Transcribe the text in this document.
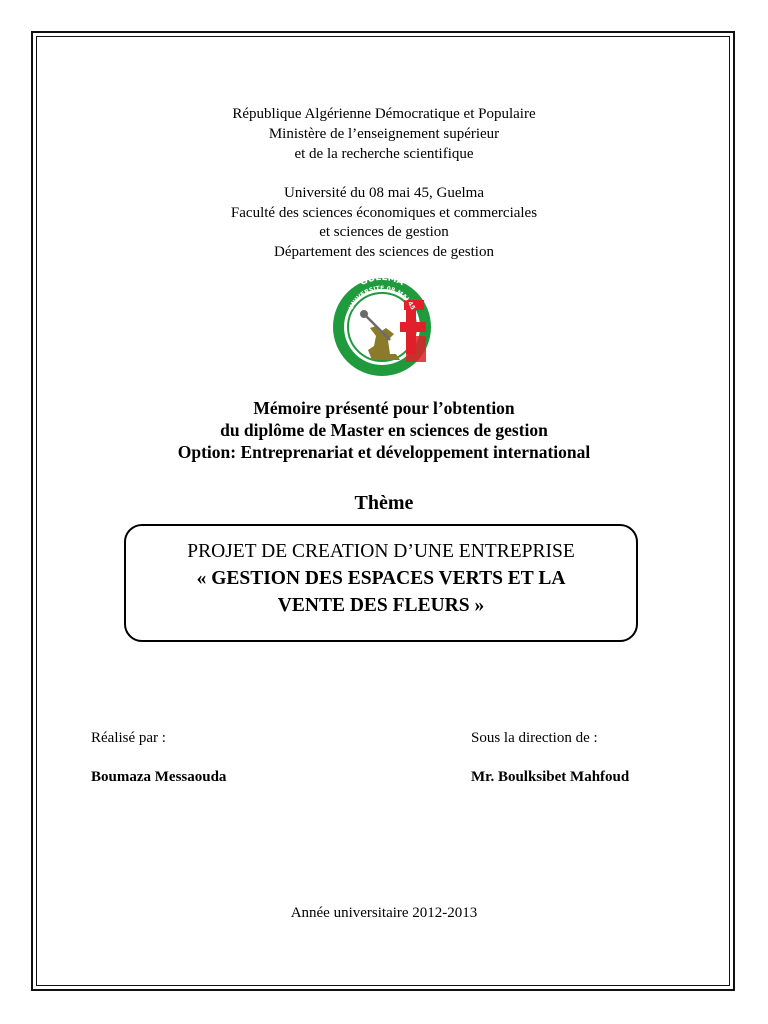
République Algérienne Démocratique et Populaire
Ministère de l’enseignement supérieur
et de la recherche scientifique
Université du 08 mai 45, Guelma
Faculté des sciences économiques et commerciales
et sciences de gestion
Département des sciences de gestion
GUELMA
UNIVERSITE 08 MAI 45
Mémoire présenté pour l’obtention
du diplôme de Master en sciences de gestion
Option: Entreprenariat et développement international
Thème
PROJET DE CREATION D’UNE ENTREPRISE
« GESTION DES ESPACES VERTS ET LA
VENTE DES FLEURS »
Réalisé par :
Boumaza Messaouda
Sous la direction de :
Mr. Boulksibet Mahfoud
Année universitaire 2012-2013
